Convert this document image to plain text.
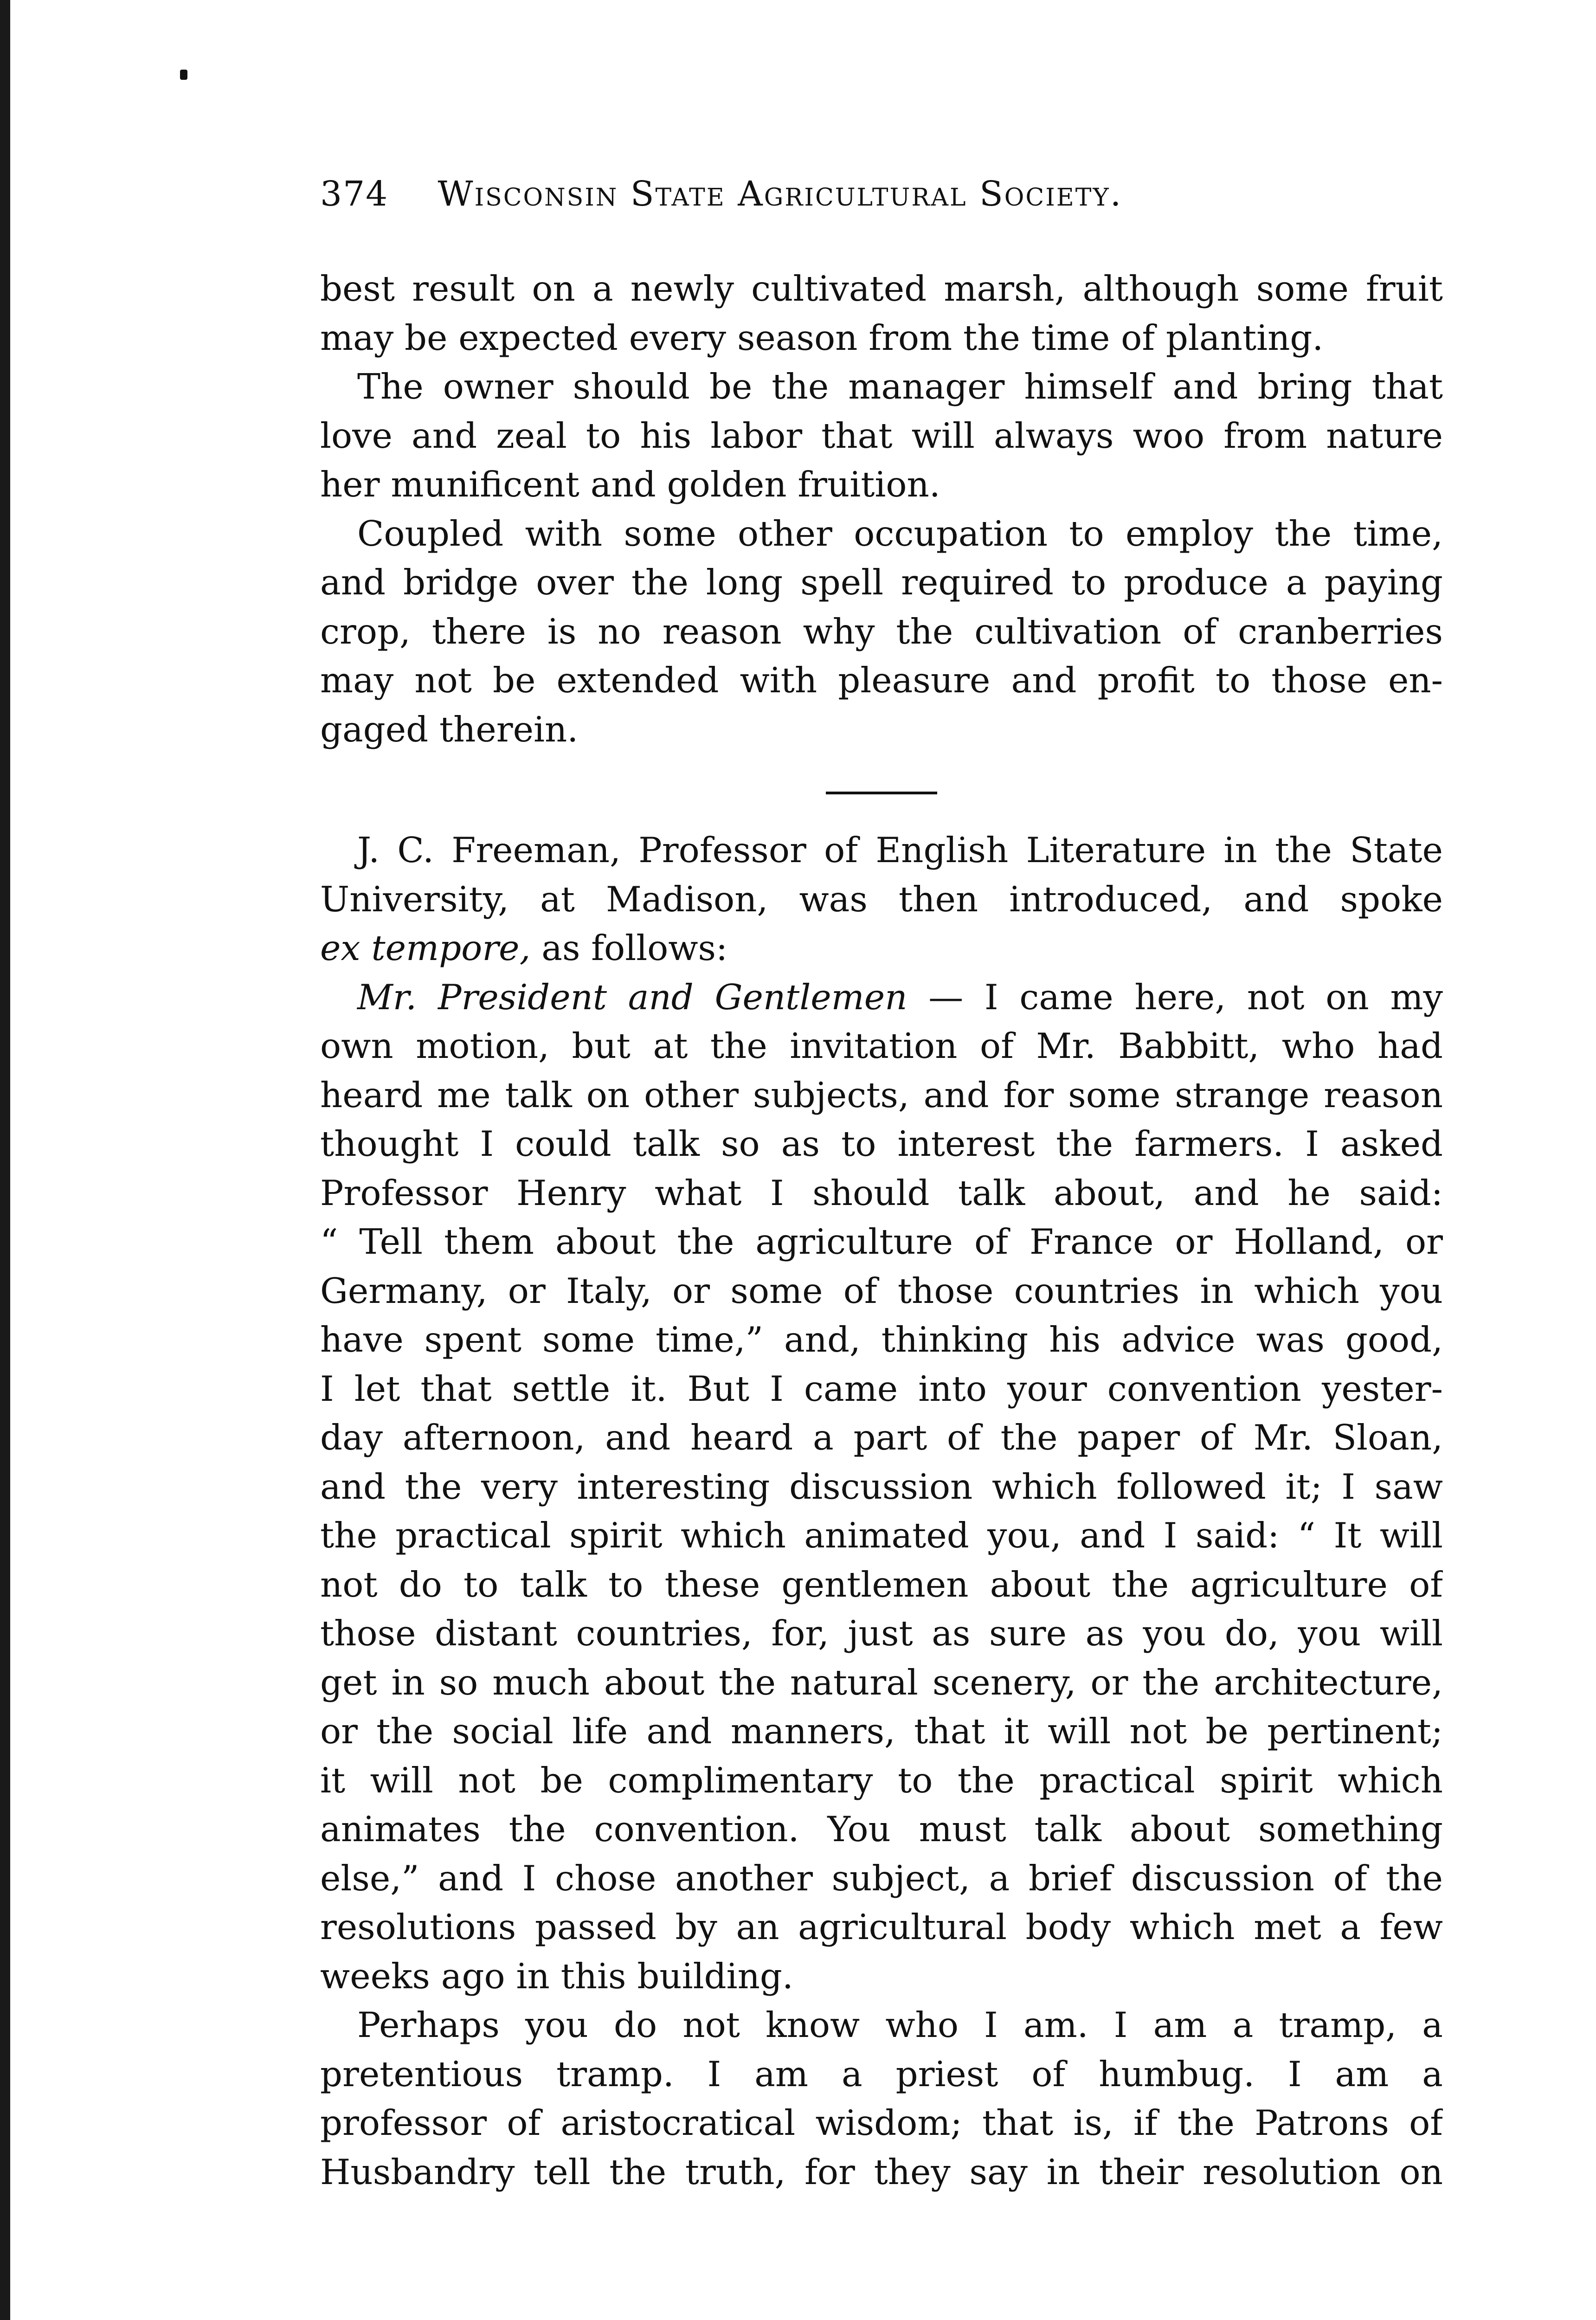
374 Wisconsin State Agricultural Society.
best result on a newly cultivated marsh, although some fruit
may be expected every season from the time of planting.
The owner should be the manager himself and bring that
love and zeal to his labor that will always woo from nature
her munificent and golden fruition.
Coupled with some other occupation to employ the time,
and bridge over the long spell required to produce a paying
crop, there is no reason why the cultivation of cranberries
may not be extended with pleasure and profit to those en-
gaged therein.
J. C. Freeman, Professor of English Literature in the State
University, at Madison, was then introduced, and spoke
ex tempore, as follows:
Mr. President and Gentlemen — I came here, not on my
own motion, but at the invitation of Mr. Babbitt, who had
heard me talk on other subjects, and for some strange reason
thought I could talk so as to interest the farmers. I asked
Professor Henry what I should talk about, and he said:
“ Tell them about the agriculture of France or Holland, or
Germany, or Italy, or some of those countries in which you
have spent some time,” and, thinking his advice was good,
I let that settle it. But I came into your convention yester-
day afternoon, and heard a part of the paper of Mr. Sloan,
and the very interesting discussion which followed it; I saw
the practical spirit which animated you, and I said: “ It will
not do to talk to these gentlemen about the agriculture of
those distant countries, for, just as sure as you do, you will
get in so much about the natural scenery, or the architecture,
or the social life and manners, that it will not be pertinent;
it will not be complimentary to the practical spirit which
animates the convention. You must talk about something
else,” and I chose another subject, a brief discussion of the
resolutions passed by an agricultural body which met a few
weeks ago in this building.
Perhaps you do not know who I am. I am a tramp, a
pretentious tramp. I am a priest of humbug. I am a
professor of aristocratical wisdom; that is, if the Patrons of
Husbandry tell the truth, for they say in their resolution on
